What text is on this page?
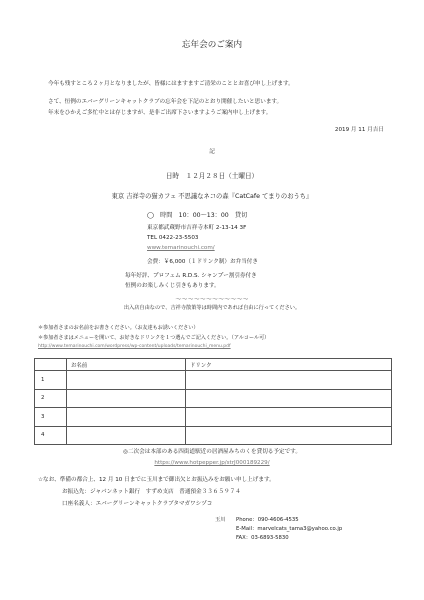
忘年会のご案内
今年も残すところ２ヶ月となりましたが、皆様にはますますご清栄のこととお喜び申し上げます。
さて、恒例のエバーグリーンキャットクラブの忘年会を下記のとおり開催したいと思います。
年末をひかえご多忙中とは存じますが、是非ご出席下さいますようご案内申し上げます。
2019 月 11 月吉日
記
日時　１２月２８日（土曜日）
東京 吉祥寺の猫カフェ 不思議なネコの森『CatCafe てまりのおうち』
◯　時間　10：00～13：00　貸切
東京都武蔵野市吉祥寺本町 2-13-14 3F
TEL 0422-23-5503
www.temarinouchi.com/
会費：￥6,000（１ドリンク制）お弁当付き
毎年好評、プロフェム R.D.S. シャンプー割引券付き
恒例のお楽しみくじ引きもあります。
～～～～～～～～～～～～
出入店自由なので、吉祥寺散策等は時間内であれば自由に行ってください。
＊参加者さまのお名前をお書きください。（お友達もお誘いください）
＊参加者さまはメニューを開いて、お好きなドリンクを１つ選んでご記入ください。（アルコール可）
http://www.temarinouchi.com/wordpress/wp-content/uploads/temarinouchi_menu.pdf
	お名前	ドリンク
1		
2		
3		
4		
◎二次会は本部のある四街道駅近の居酒屋みちのくを貸切る予定です。
https://www.hotpepper.jp/strJ000189229/
☆なお、準備の都合上、12 月 10 日までに玉川まで御出欠とお振込みをお願い申し上げます。
お振込先：ジャパンネット銀行　すずめ支店　普通預金３３６５９７４
口座名義人：エバーグリーンキャットクラブタマガワシヅコ
玉川 Phone：090-4606-4535
E-Mail：marvelcats_tama3@yahoo.co.jp
FAX：03-6893-5830
